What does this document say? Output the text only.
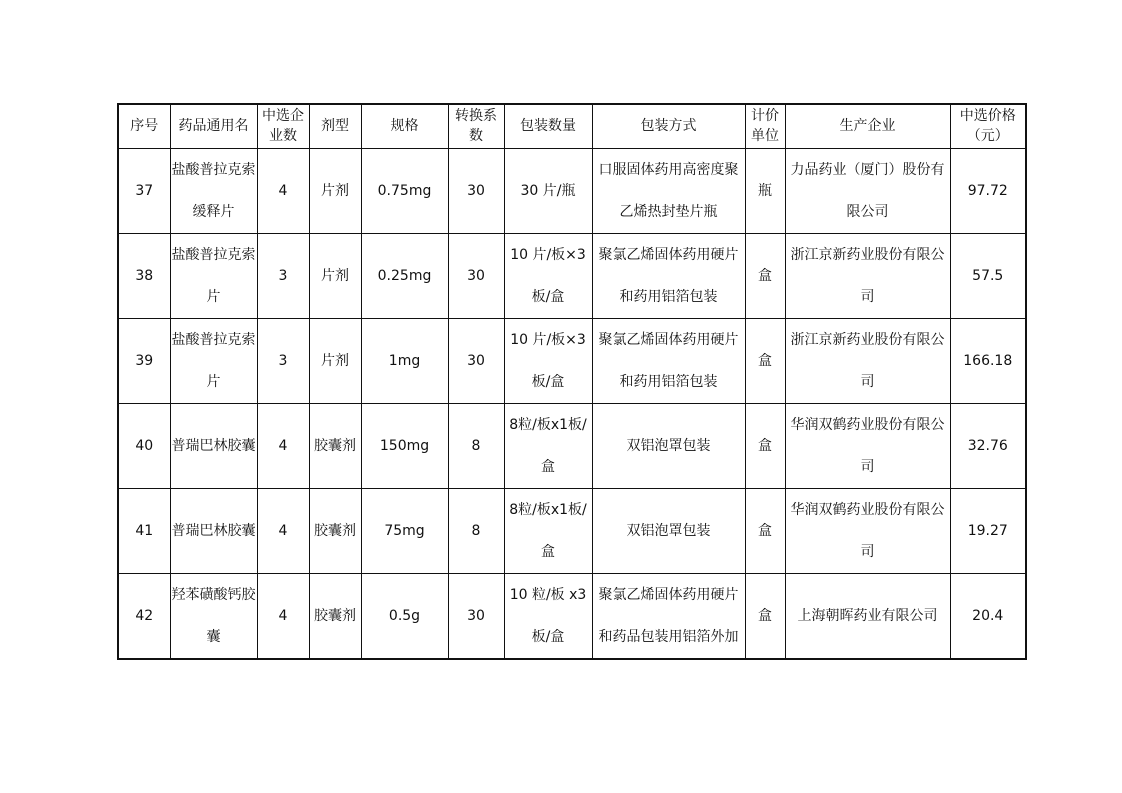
序号	药品通用名	中选企业数	剂型	规格	转换系数	包装数量	包装方式	计价单位	生产企业	中选价格（元）
37	盐酸普拉克索缓释片	4	片剂	0.75mg	30	30 片/瓶	口服固体药用高密度聚乙烯热封垫片瓶	瓶	力品药业（厦门）股份有限公司	97.72
38	盐酸普拉克索片	3	片剂	0.25mg	30	10 片/板×3板/盒	聚氯乙烯固体药用硬片和药用铝箔包装	盒	浙江京新药业股份有限公司	57.5
39	盐酸普拉克索片	3	片剂	1mg	30	10 片/板×3板/盒	聚氯乙烯固体药用硬片和药用铝箔包装	盒	浙江京新药业股份有限公司	166.18
40	普瑞巴林胶囊	4	胶囊剂	150mg	8	8粒/板x1板/盒	双铝泡罩包装	盒	华润双鹤药业股份有限公司	32.76
41	普瑞巴林胶囊	4	胶囊剂	75mg	8	8粒/板x1板/盒	双铝泡罩包装	盒	华润双鹤药业股份有限公司	19.27
42	羟苯磺酸钙胶囊	4	胶囊剂	0.5g	30	10 粒/板 x3板/盒	聚氯乙烯固体药用硬片和药品包装用铝箔外加	盒	上海朝晖药业有限公司	20.4
